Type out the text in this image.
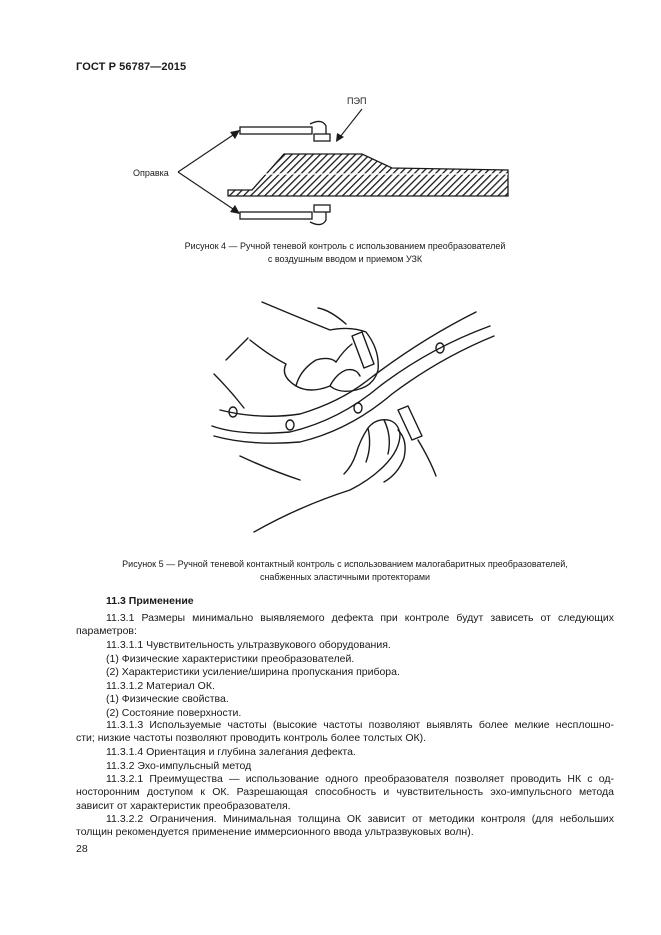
ГОСТ Р 56787—2015
ПЭП
Оправка
Рисунок 4 — Ручной теневой контроль с использованием преобразователей
с воздушным вводом и приемом УЗК
Рисунок 5 — Ручной теневой контактный контроль с использованием малогабаритных преобразователей,
снабженных эластичными протекторами
11.3 Применение
11.3.1 Размеры минимально выявляемого дефекта при контроле будут зависеть от следующих
параметров:
11.3.1.1 Чувствительность ультразвукового оборудования.
(1) Физические характеристики преобразователей.
(2) Характеристики усиление/ширина пропускания прибора.
11.3.1.2 Материал ОК.
(1) Физические свойства.
(2) Состояние поверхности.
11.3.1.3 Используемые частоты (высокие частоты позволяют выявлять более мелкие несплошно-
сти; низкие частоты позволяют проводить контроль более толстых ОК).
11.3.1.4 Ориентация и глубина залегания дефекта.
11.3.2 Эхо-импульсный метод
11.3.2.1 Преимущества — использование одного преобразователя позволяет проводить НК с од-
носторонним доступом к ОК. Разрешающая способность и чувствительность эхо-импульсного метода зависит от характеристик преобразователя.
11.3.2.2 Ограничения. Минимальная толщина ОК зависит от методики контроля (для небольших
толщин рекомендуется применение иммерсионного ввода ультразвуковых волн).
28
